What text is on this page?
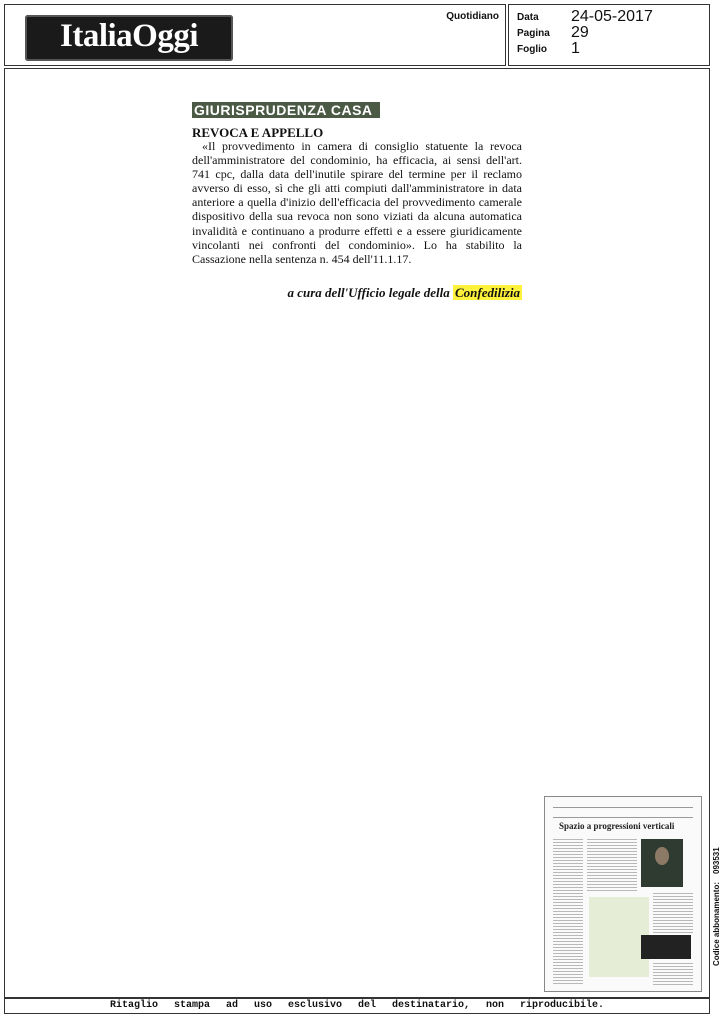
ItaliaOggi
Quotidiano Data 24-05-2017
Pagina 29
Foglio 1
GIURISPRUDENZA CASA
REVOCA E APPELLO

«Il provvedimento in camera di consiglio statuente la revoca dell'amministratore del condominio, ha efficacia, ai sensi dell'art. 741 cpc, dalla data dell'inutile spirare del termine per il reclamo avverso di esso, sì che gli atti compiuti dall'amministratore in data anteriore a quella d'inizio dell'efficacia del provvedimento camerale dispositivo della sua revoca non sono viziati da alcuna automatica invalidità e continuano a produrre effetti e a essere giuridicamente vincolanti nei confronti del condominio». Lo ha stabilito la Cassazione nella sentenza n. 454 dell'11.1.17.

a cura dell'Ufficio legale della Confedilizia
Spazio a progressioni verticali
Codice abbonamento:093531
Ritaglio stampa ad uso esclusivo del destinatario, non riproducibile.
